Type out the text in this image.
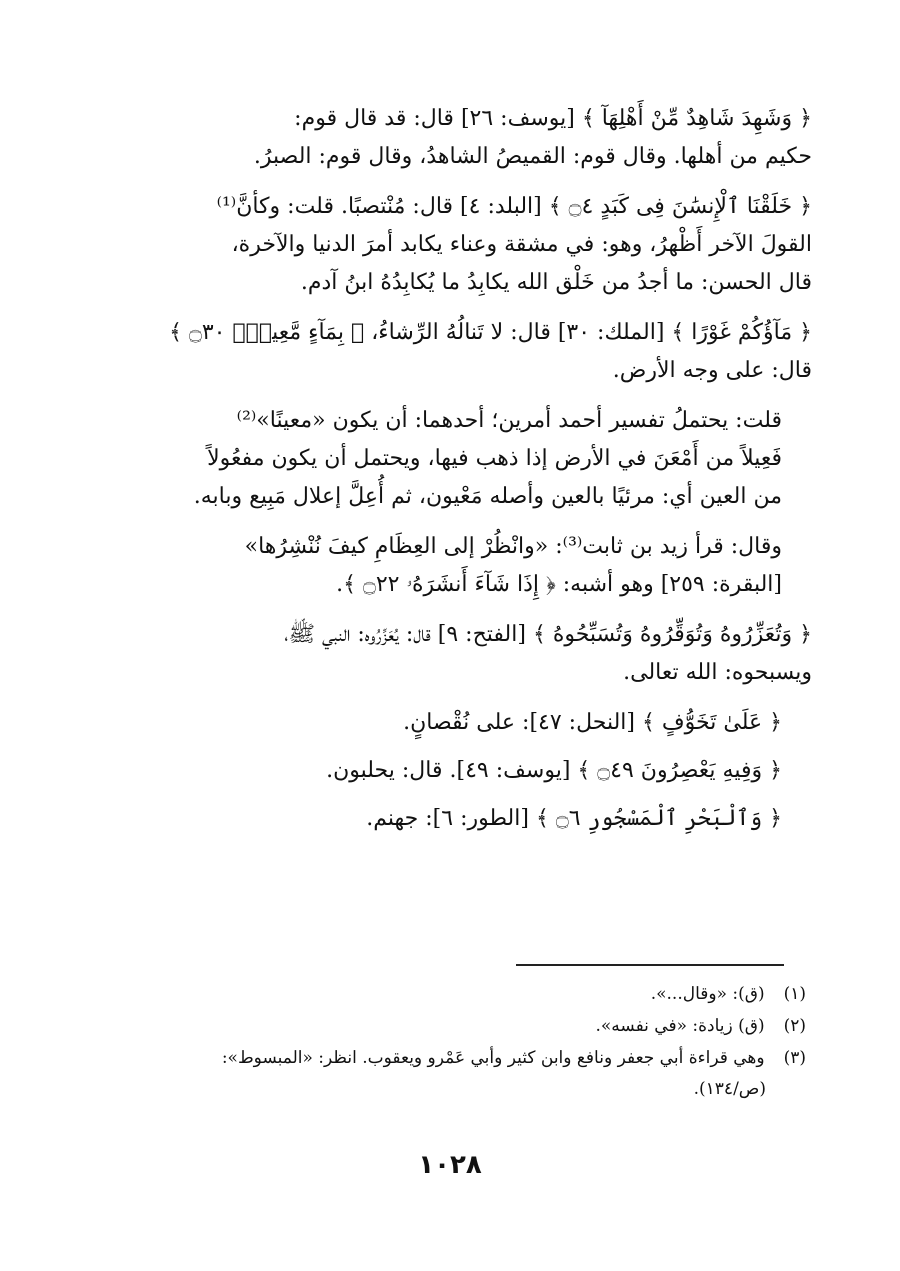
﴿ وَشَهِدَ شَاهِدٌ مِّنْ أَهْلِهَآ ﴾ [يوسف: ٢٦] قال: قد قال قوم:
حكيم من أهلها. وقال قوم: القميصُ الشاهدُ، وقال قوم: الصبرُ.

﴿ خَلَقْنَا ٱلْإِنسَٰنَ فِى كَبَدٍ ۝٤ ﴾ [البلد: ٤] قال: مُنْتصبًا. قلت: وكأنَّ⁽¹⁾
القولَ الآخر أَظْهرُ، وهو: في مشقة وعناء يكابد أمرَ الدنيا والآخرة،
قال الحسن: ما أجدُ من خَلْق الله يكابِدُ ما يُكابِدُهُ ابنُ آدم.

﴿ مَآؤُكُمْ غَوْرًا ﴾ [الملك: ٣٠] قال: لا تَنالُهُ الرِّشاءُ، ﴿ بِمَآءٍ مَّعِينٍۭ ۝٣٠ ﴾
قال: على وجه الأرض.

قلت: يحتملُ تفسير أحمد أمرين؛ أحدهما: أن يكون «معينًا»⁽²⁾
فَعِيلاً من أَمْعَنَ في الأرض إذا ذهب فيها، ويحتمل أن يكون مفعُولاً
من العين أي: مرئيًا بالعين وأصله مَعْيون، ثم أُعِلَّ إعلال مَبِيع وبابه.

وقال: قرأ زيد بن ثابت⁽³⁾: «وانْظُرْ إلى العِظَامِ كيفَ نُنْشِرُها»
[البقرة: ٢٥٩] وهو أشبه: ﴿ إِذَا شَآءَ أَنشَرَهُۥ ۝٢٢ ﴾.

﴿ وَتُعَزِّرُوهُ وَتُوَقِّرُوهُ وَتُسَبِّحُوهُ ﴾ [الفتح: ٩] قال: يُعَزِّرُوه: النبي ﷺ،
ويسبحوه: الله تعالى.

﴿ عَلَىٰ تَخَوُّفٍ ﴾ [النحل: ٤٧]: على نُقْصانٍ.

﴿ وَفِيهِ يَعْصِرُونَ ۝٤٩ ﴾ [يوسف: ٤٩]. قال: يحلبون.

﴿ وَٱلْبَحْرِ ٱلْمَسْجُورِ ۝٦ ﴾ [الطور: ٦]: جهنم.

(١) (ق): «وقال...».

(٢) (ق) زيادة: «في نفسه».

(٣) وهي قراءة أبي جعفر ونافع وابن كثير وأبي عَمْرو ويعقوب. انظر: «المبسوط»:

(ص/١٣٤).

١٠٢٨
